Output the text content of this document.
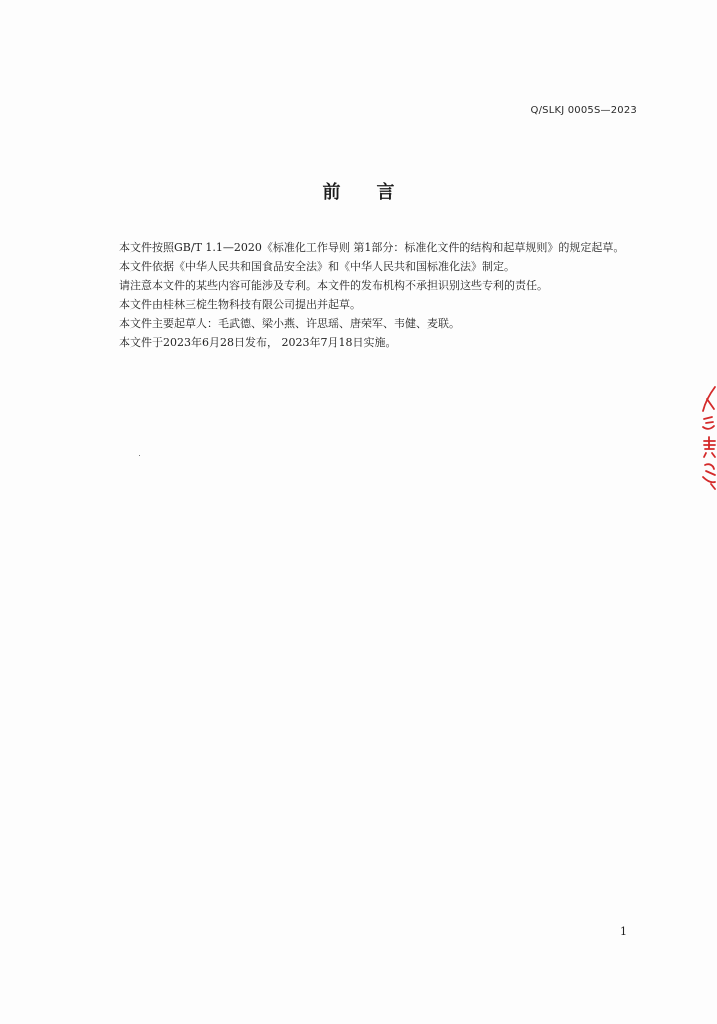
Q/SLKJ 0005S—2023
前言

本文件按照GB/T 1.1—2020《标准化工作导则 第1部分：标准化文件的结构和起草规则》的规定起草。

本文件依据《中华人民共和国食品安全法》和《中华人民共和国标准化法》制定。

请注意本文件的某些内容可能涉及专利。本文件的发布机构不承担识别这些专利的责任。

本文件由桂林三椗生物科技有限公司提出并起草。

本文件主要起草人：毛武德、梁小燕、许思瑶、唐荣军、韦健、麦联。

本文件于2023年6月28日发布， 2023年7月18日实施。

1
